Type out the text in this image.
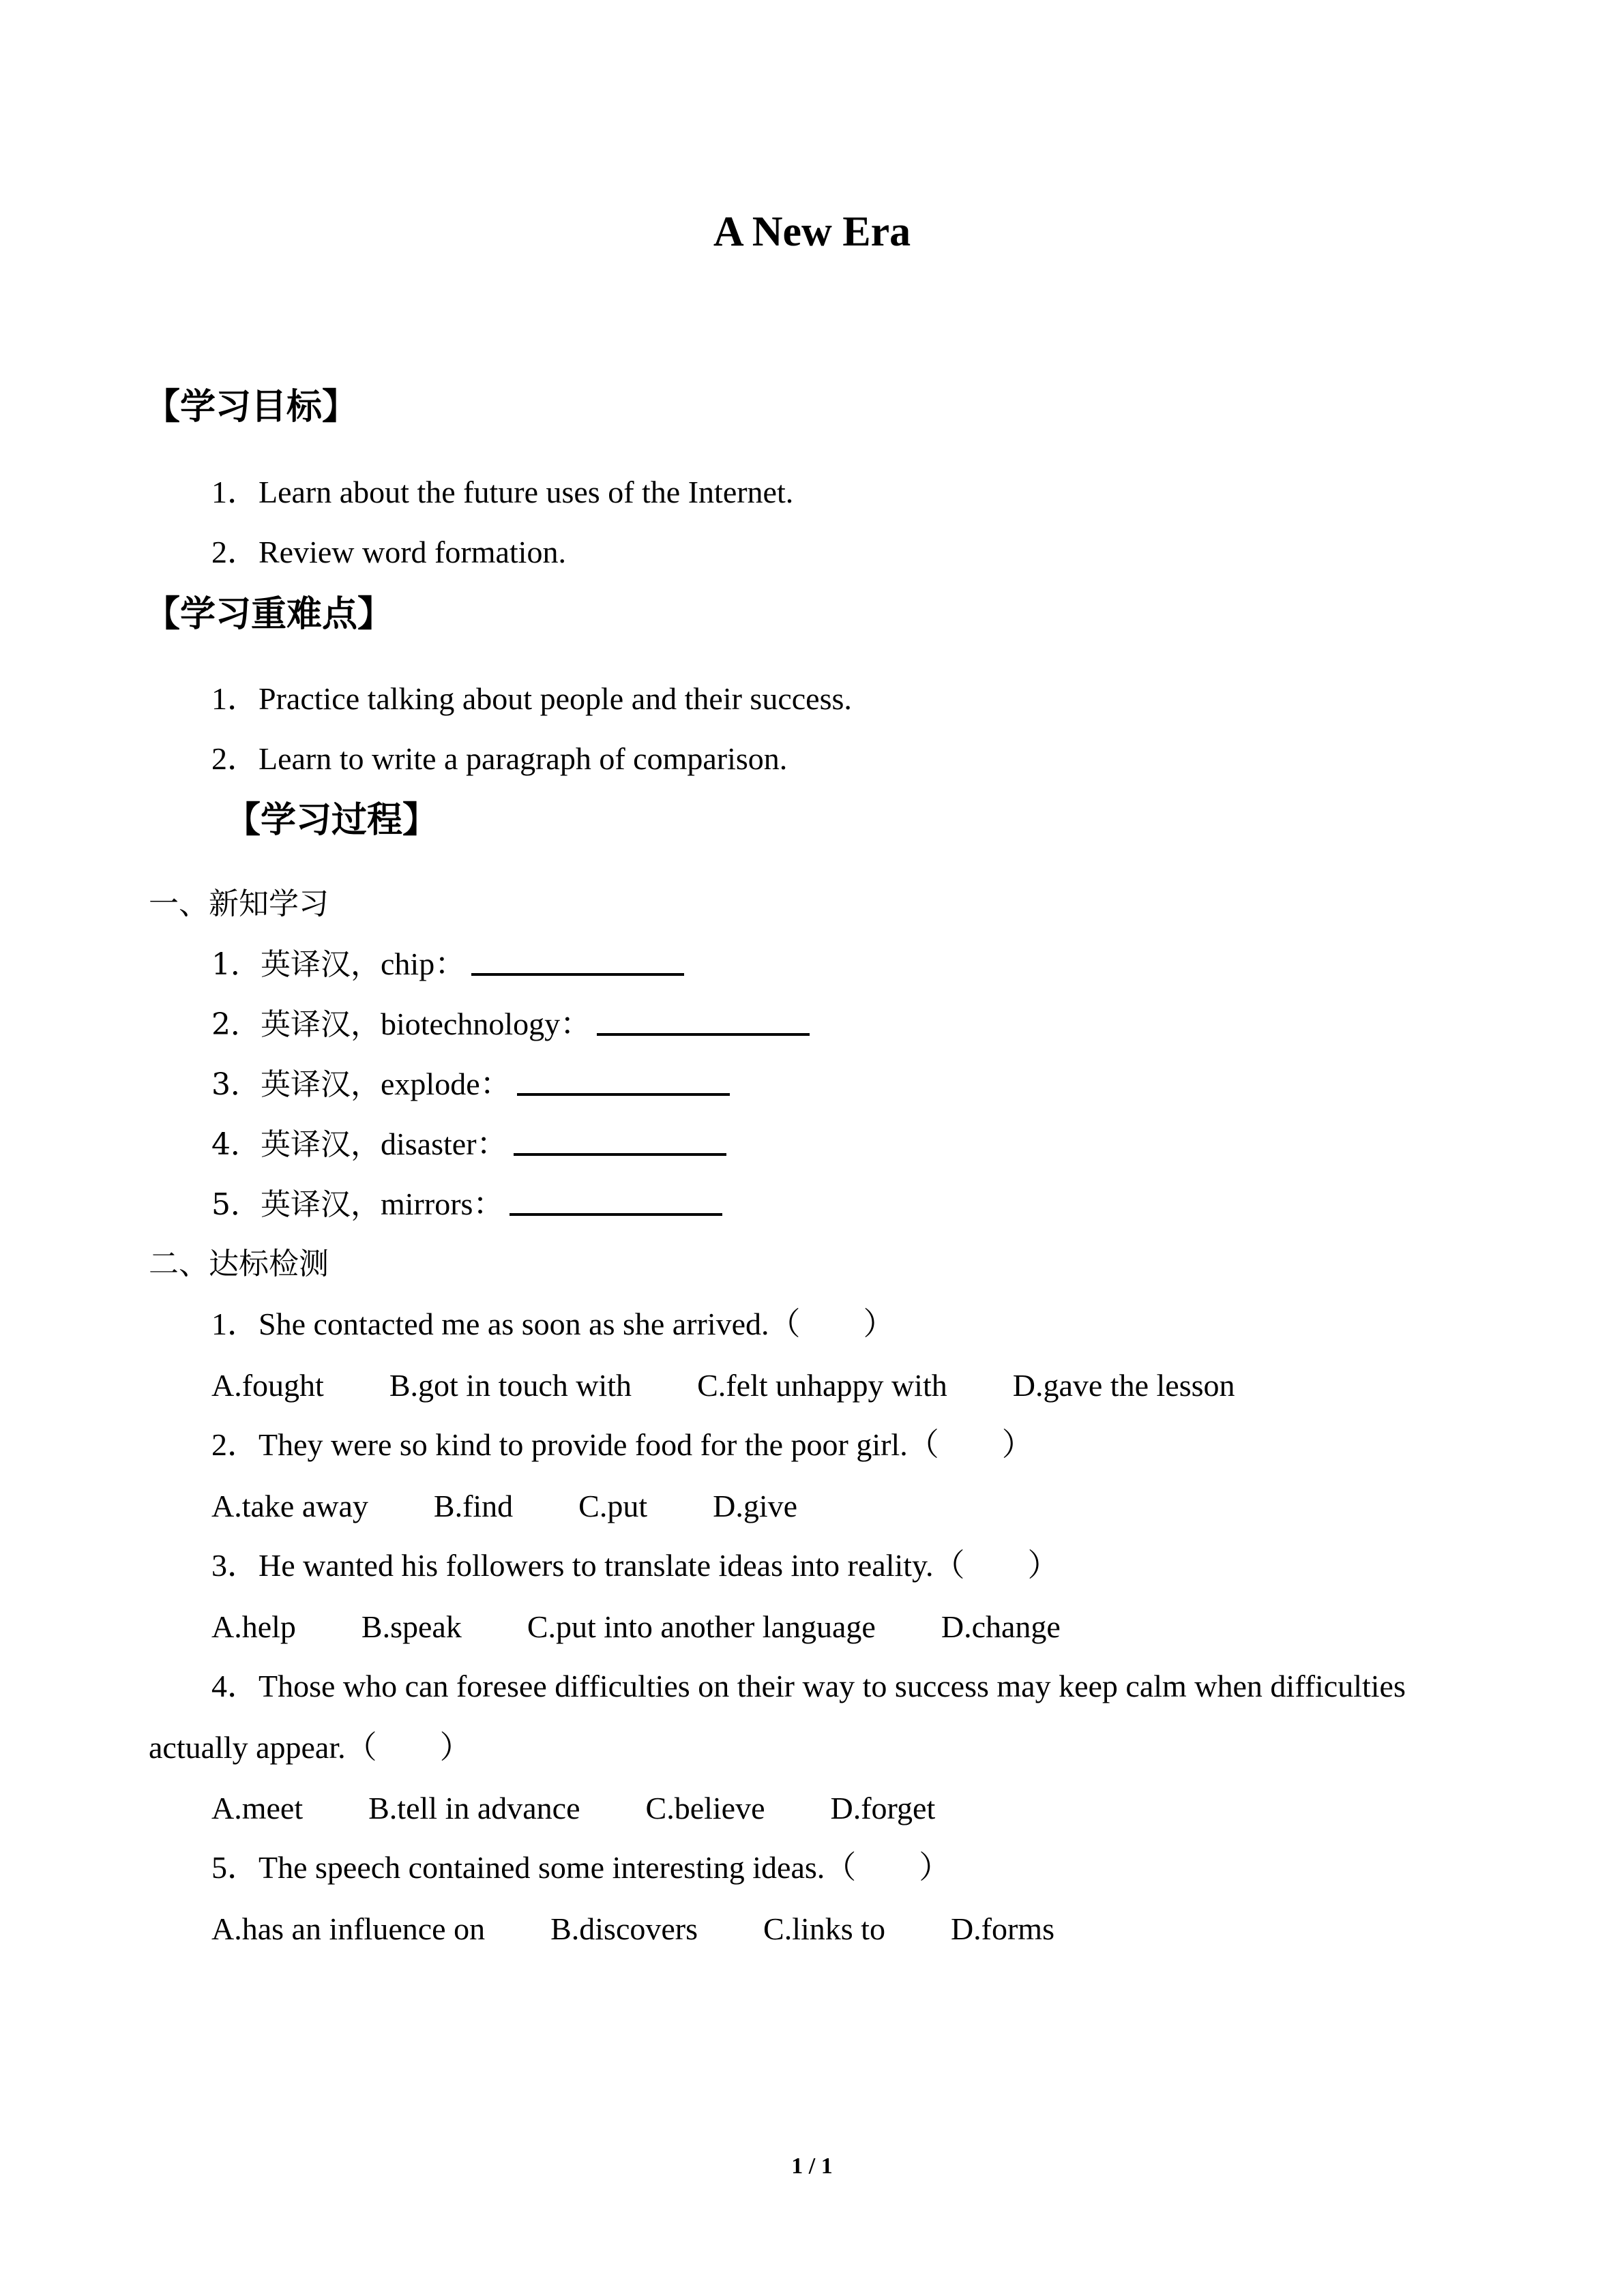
A New Era
【学习目标】
1．Learn about the future uses of the Internet.
2．Review word formation.
【学习重难点】
1．Practice talking about people and their success.
2．Learn to write a paragraph of comparison.
【学习过程】
一、新知学习
1．英译汉，chip：
2．英译汉，biotechnology：
3．英译汉，explode：
4．英译汉，disaster：
5．英译汉，mirrors：
二、达标检测
1．She contacted me as soon as she arrived.（　　）
A.fought B.got in touch with C.felt unhappy with D.gave the lesson
2．They were so kind to provide food for the poor girl.（　　）
A.take away B.find C.put D.give
3．He wanted his followers to translate ideas into reality.（　　）
A.help B.speak C.put into another language D.change
4．Those who can foresee difficulties on their way to success may keep calm when difficulties
actually appear.（　　）
A.meet B.tell in advance C.believe D.forget
5．The speech contained some interesting ideas.（　　）
A.has an influence on B.discovers C.links to D.forms
1 / 1
